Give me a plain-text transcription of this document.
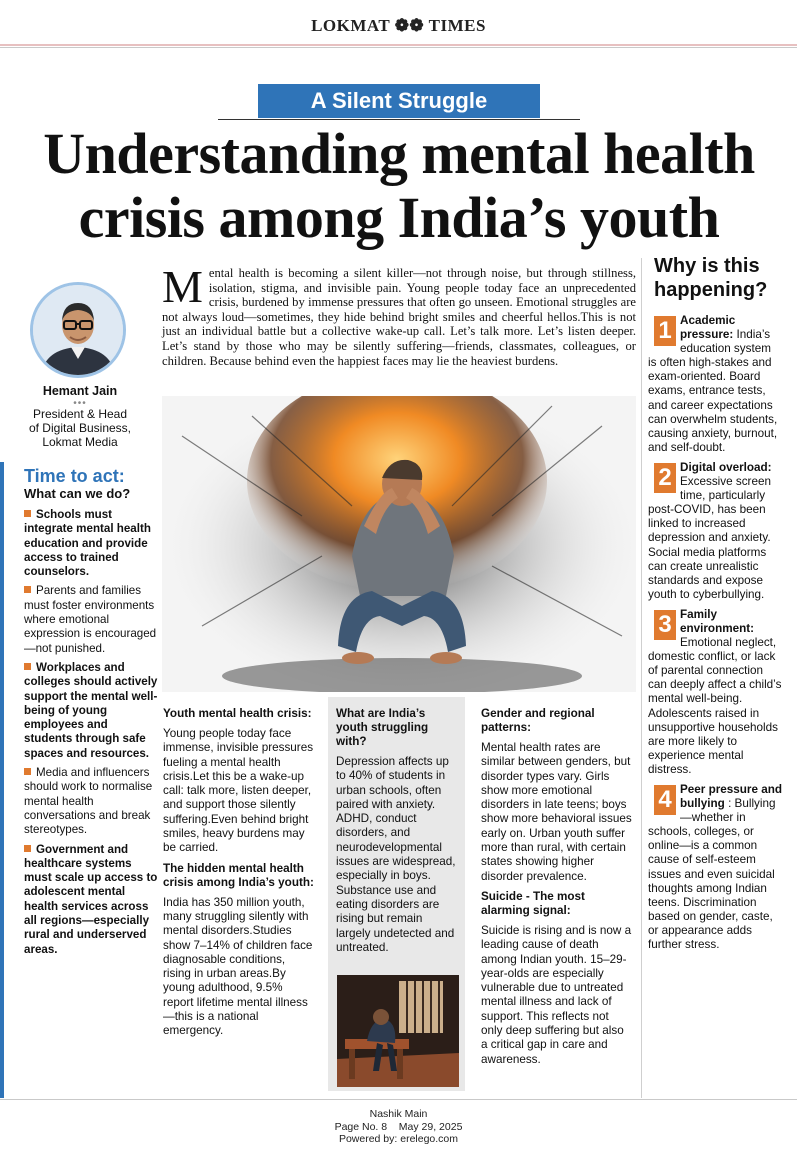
LOKMAT ❁❁ TIMES
A Silent Struggle
Understanding mental health
crisis among India’s youth
Hemant Jain
•••
President & Head
of Digital Business,
Lokmat Media
Time to act:
What can we do?
Schools must integrate mental health education and provide access to trained counselors.
Parents and families must foster environments where emotional expression is encouraged—not punished.
Workplaces and colleges should actively support the mental well-being of young employees and students through safe spaces and resources.
Media and influencers should work to normalise mental health conversations and break stereotypes.
Government and healthcare systems must scale up access to adolescent mental health services across all regions—especially rural and underserved areas.
Mental health is becoming a silent killer—not through noise, but through stillness, isolation, stigma, and invisible pain. Young people today face an unprecedented crisis, burdened by immense pressures that often go unseen. Emotional struggles are not always loud—sometimes, they hide behind bright smiles and cheerful hellos.This is not just an individual battle but a collective wake-up call. Let’s talk more. Let’s listen deeper. Let’s stand by those who may be silently suffering—friends, classmates, colleagues, or children. Because behind even the happiest faces may lie the heaviest burdens.
Youth mental health crisis:

Young people today face immense, invisible pressures fueling a mental health crisis.Let this be a wake-up call: talk more, listen deeper, and support those silently suffering.Even behind bright smiles, heavy burdens may be carried.

The hidden mental health crisis among India’s youth:

India has 350 million youth, many struggling silently with mental disorders.Studies show 7–14% of children face diagnosable conditions, rising in urban areas.By young adulthood, 9.5% report lifetime mental illness—this is a national emergency.

What are India’s youth struggling with?

Depression affects up to 40% of students in urban schools, often paired with anxiety. ADHD, conduct disorders, and neurodevelopmental issues are widespread, especially in boys. Substance use and eating disorders are rising but remain largely undetected and untreated.

Gender and regional patterns:

Mental health rates are similar between genders, but disorder types vary. Girls show more emotional disorders in late teens; boys show more behavioral issues early on. Urban youth suffer more than rural, with certain states showing higher disorder prevalence.

Suicide - The most alarming signal:

Suicide is rising and is now a leading cause of death among Indian youth. 15–29-year-olds are especially vulnerable due to untreated mental illness and lack of support. This reflects not only deep suffering but also a critical gap in care and awareness.

Why is this happening?
1 Academic pressure: India’s education system is often high-stakes and exam-oriented. Board exams, entrance tests, and career expectations can overwhelm students, causing anxiety, burnout, and self-doubt.
2 Digital overload: Excessive screen time, particularly post-COVID, has been linked to increased depression and anxiety. Social media platforms can create unrealistic standards and expose youth to cyberbullying.
3 Family environment: Emotional neglect, domestic conflict, or lack of parental connection can deeply affect a child’s mental well-being. Adolescents raised in unsupportive households are more likely to experience mental distress.
4 Peer pressure and bullying : Bullying—whether in schools, colleges, or online—is a common cause of self-esteem issues and even suicidal thoughts among Indian teens. Discrimination based on gender, caste, or appearance adds further stress.
Nashik Main
Page No. 8 May 29, 2025
Powered by: erelego.com
